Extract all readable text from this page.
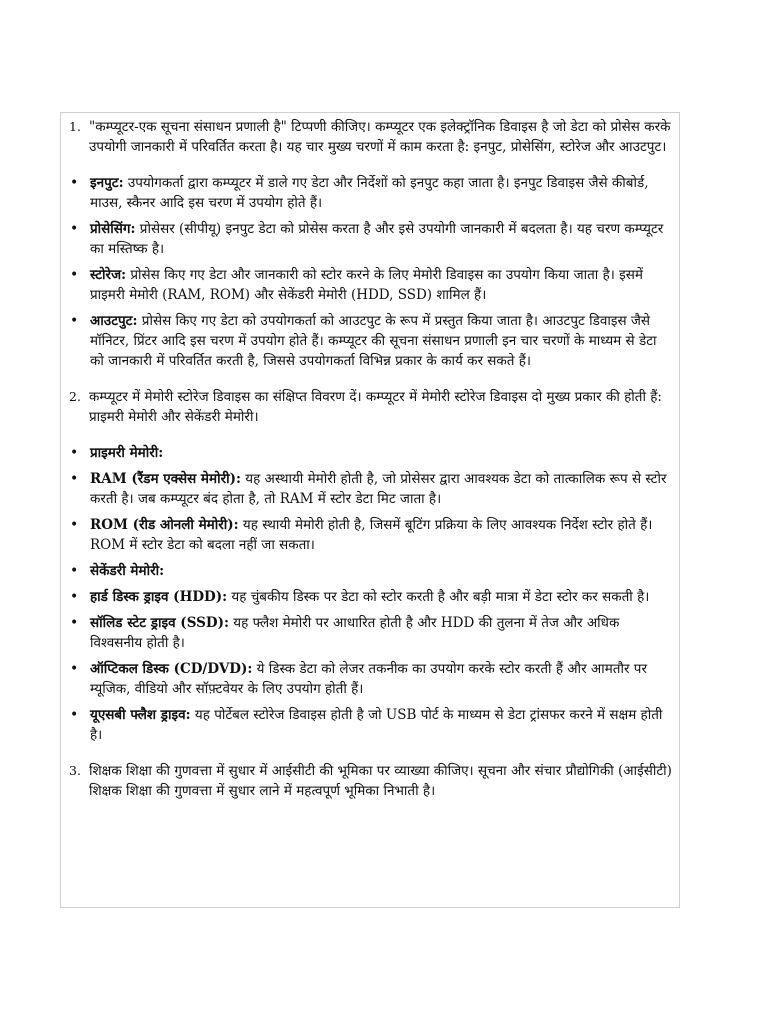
1. "कम्प्यूटर-एक सूचना संसाधन प्रणाली है" टिप्पणी कीजिए। कम्प्यूटर एक इलेक्ट्रॉनिक डिवाइस है जो डेटा को प्रोसेस करके उपयोगी जानकारी में परिवर्तित करता है। यह चार मुख्य चरणों में काम करता है: इनपुट, प्रोसेसिंग, स्टोरेज और आउटपुट।
• इनपुट: उपयोगकर्ता द्वारा कम्प्यूटर में डाले गए डेटा और निर्देशों को इनपुट कहा जाता है। इनपुट डिवाइस जैसे कीबोर्ड, माउस, स्कैनर आदि इस चरण में उपयोग होते हैं।
• प्रोसेसिंग: प्रोसेसर (सीपीयू) इनपुट डेटा को प्रोसेस करता है और इसे उपयोगी जानकारी में बदलता है। यह चरण कम्प्यूटर का मस्तिष्क है।
• स्टोरेज: प्रोसेस किए गए डेटा और जानकारी को स्टोर करने के लिए मेमोरी डिवाइस का उपयोग किया जाता है। इसमें प्राइमरी मेमोरी (RAM, ROM) और सेकेंडरी मेमोरी (HDD, SSD) शामिल हैं।
• आउटपुट: प्रोसेस किए गए डेटा को उपयोगकर्ता को आउटपुट के रूप में प्रस्तुत किया जाता है। आउटपुट डिवाइस जैसे मॉनिटर, प्रिंटर आदि इस चरण में उपयोग होते हैं। कम्प्यूटर की सूचना संसाधन प्रणाली इन चार चरणों के माध्यम से डेटा को जानकारी में परिवर्तित करती है, जिससे उपयोगकर्ता विभिन्न प्रकार के कार्य कर सकते हैं।
2. कम्प्यूटर में मेमोरी स्टोरेज डिवाइस का संक्षिप्त विवरण दें। कम्प्यूटर में मेमोरी स्टोरेज डिवाइस दो मुख्य प्रकार की होती हैं: प्राइमरी मेमोरी और सेकेंडरी मेमोरी।
• प्राइमरी मेमोरी:
• RAM (रैंडम एक्सेस मेमोरी): यह अस्थायी मेमोरी होती है, जो प्रोसेसर द्वारा आवश्यक डेटा को तात्कालिक रूप से स्टोर करती है। जब कम्प्यूटर बंद होता है, तो RAM में स्टोर डेटा मिट जाता है।
• ROM (रीड ओनली मेमोरी): यह स्थायी मेमोरी होती है, जिसमें बूटिंग प्रक्रिया के लिए आवश्यक निर्देश स्टोर होते हैं। ROM में स्टोर डेटा को बदला नहीं जा सकता।
• सेकेंडरी मेमोरी:
• हार्ड डिस्क ड्राइव (HDD): यह चुंबकीय डिस्क पर डेटा को स्टोर करती है और बड़ी मात्रा में डेटा स्टोर कर सकती है।
• सॉलिड स्टेट ड्राइव (SSD): यह फ्लैश मेमोरी पर आधारित होती है और HDD की तुलना में तेज और अधिक विश्वसनीय होती है।
• ऑप्टिकल डिस्क (CD/DVD): ये डिस्क डेटा को लेजर तकनीक का उपयोग करके स्टोर करती हैं और आमतौर पर म्यूजिक, वीडियो और सॉफ़्टवेयर के लिए उपयोग होती हैं।
• यूएसबी फ्लैश ड्राइव: यह पोर्टेबल स्टोरेज डिवाइस होती है जो USB पोर्ट के माध्यम से डेटा ट्रांसफर करने में सक्षम होती है।
3. शिक्षक शिक्षा की गुणवत्ता में सुधार में आईसीटी की भूमिका पर व्याख्या कीजिए। सूचना और संचार प्रौद्योगिकी (आईसीटी) शिक्षक शिक्षा की गुणवत्ता में सुधार लाने में महत्वपूर्ण भूमिका निभाती है।
